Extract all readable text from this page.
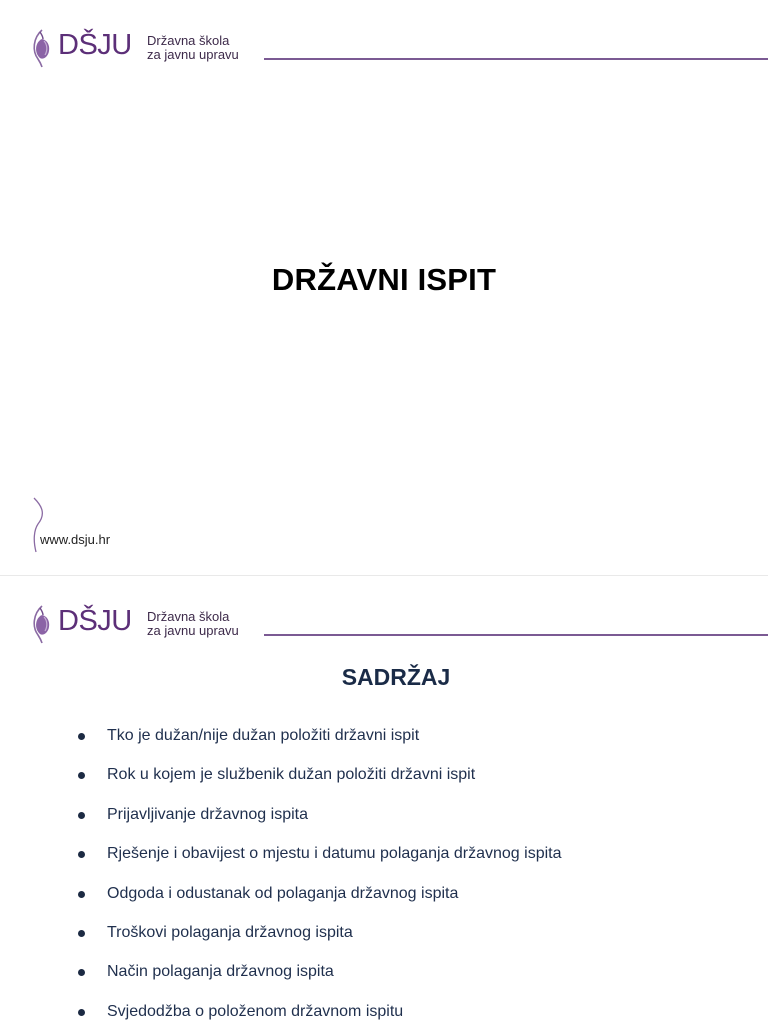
DŠJU Državna škola
za javnu upravu
DRŽAVNI ISPIT
www.dsju.hr
DŠJU Državna škola
za javnu upravu
SADRŽAJ
Tko je dužan/nije dužan položiti državni ispit
Rok u kojem je službenik dužan položiti državni ispit
Prijavljivanje državnog ispita
Rješenje i obavijest o mjestu i datumu polaganja državnog ispita
Odgoda i odustanak od polaganja državnog ispita
Troškovi polaganja državnog ispita
Način polaganja državnog ispita
Svjedodžba o položenom državnom ispitu
